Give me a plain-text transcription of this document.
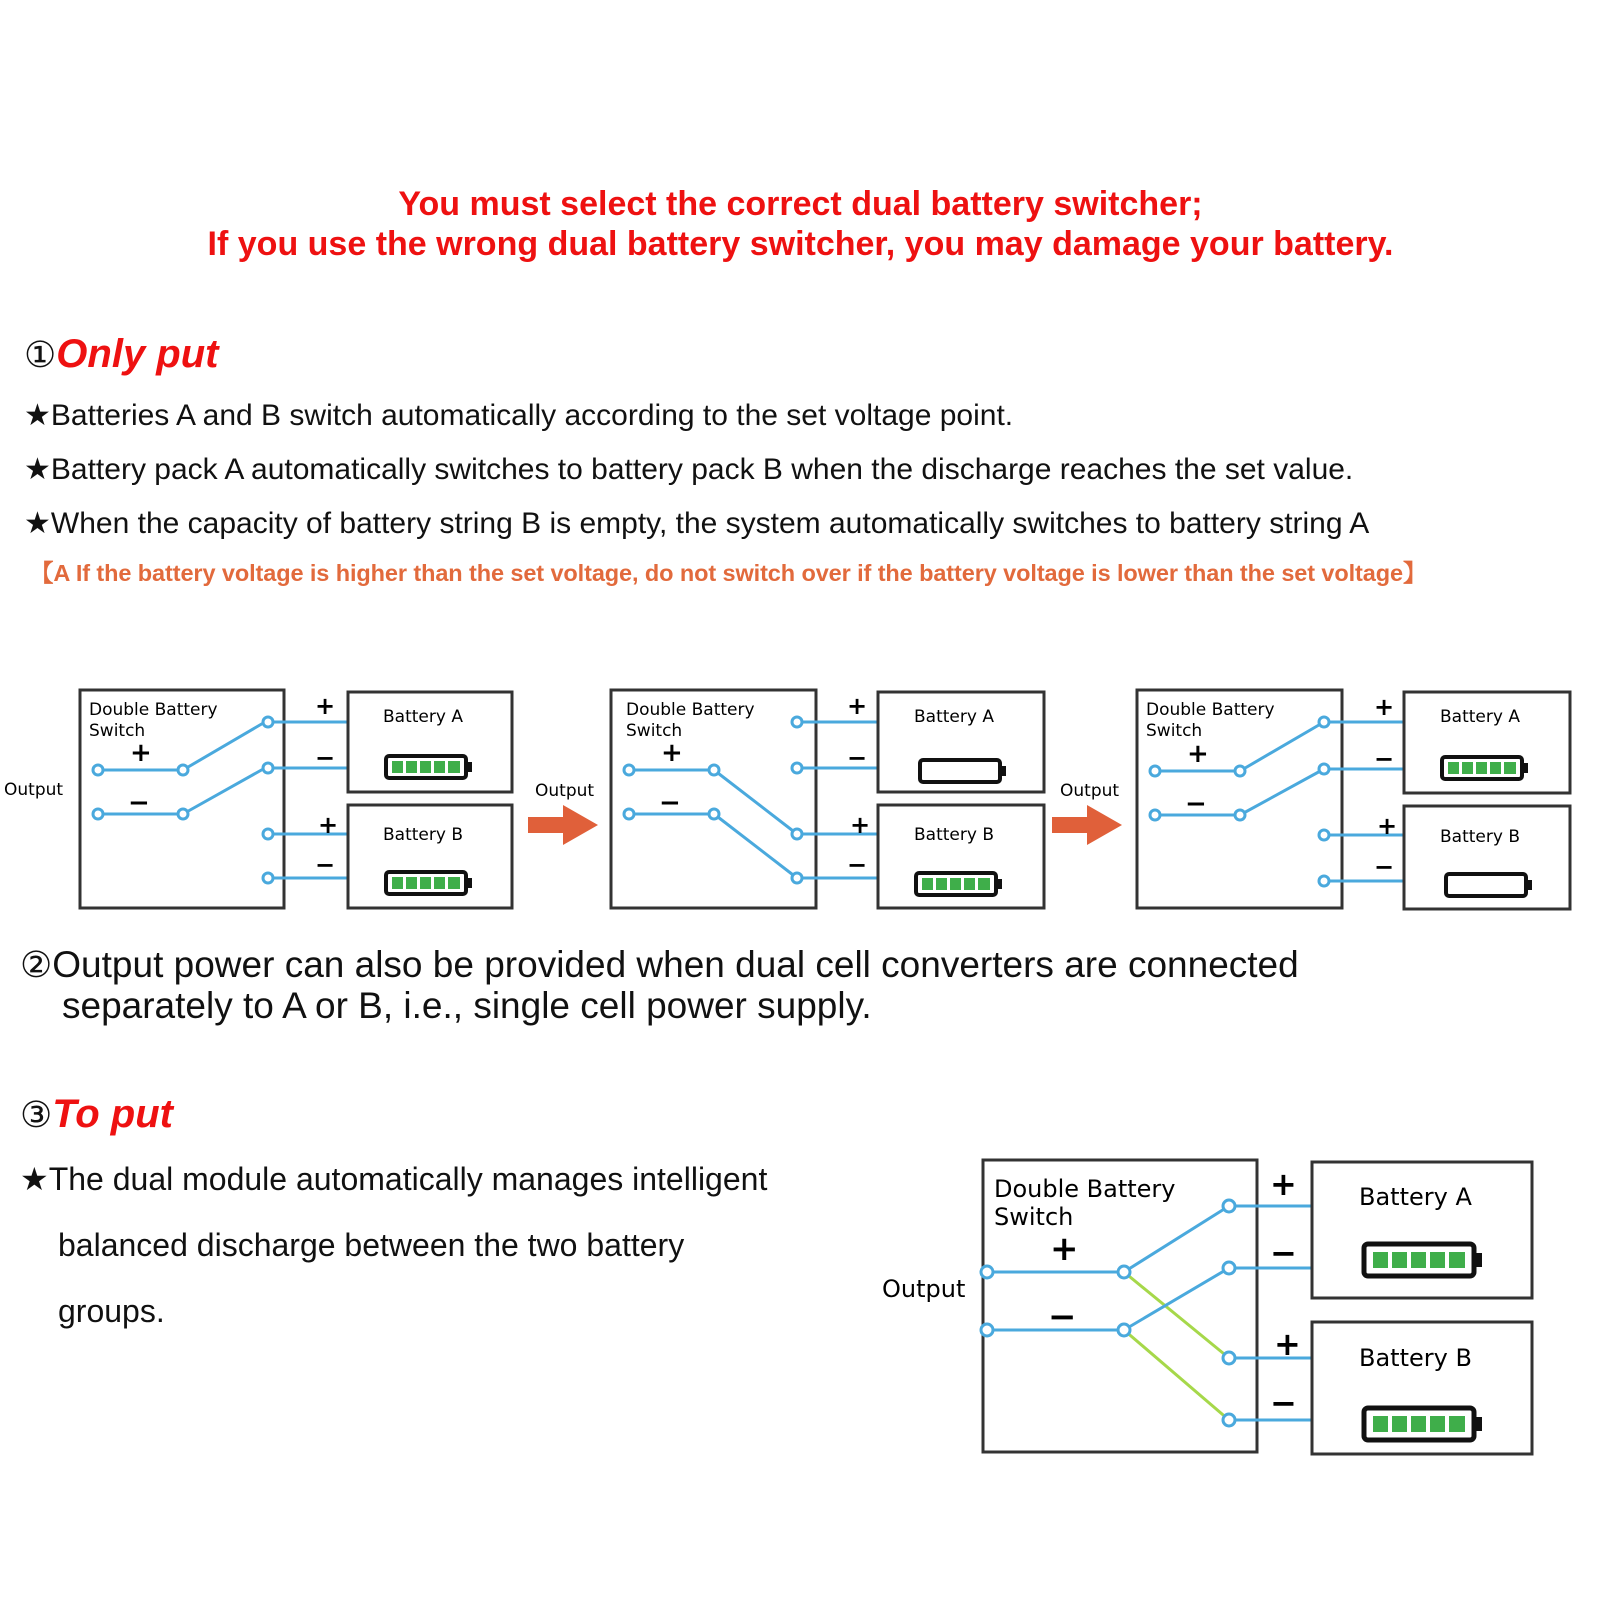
You must select the correct dual battery switcher;
If you use the wrong dual battery switcher, you may damage your battery.
①Only put
★Batteries A and B switch automatically according to the set voltage point.
★Battery pack A automatically switches to battery pack B when the discharge reaches the set value.
★When the capacity of battery string B is empty, the system automatically switches to battery string A
【A If the battery voltage is higher than the set voltage, do not switch over if the battery voltage is lower than the set voltage】
Double Battery
Switch
+
−
Output
+
−
+
−
Battery A
Battery B
Double Battery
Switch
+
−
Output
+
−
+
−
Battery A
Battery B
Double Battery
Switch
+
−
Output
+
−
+
−
Battery A
Battery B
②Output power can also be provided when dual cell converters are connected
separately to A or B, i.e., single cell power supply.
③To put
★The dual module automatically manages intelligent
balanced discharge between the two battery
groups.
Double Battery
Switch
+
−
Output
+
−
+
−
Battery A
Battery B
